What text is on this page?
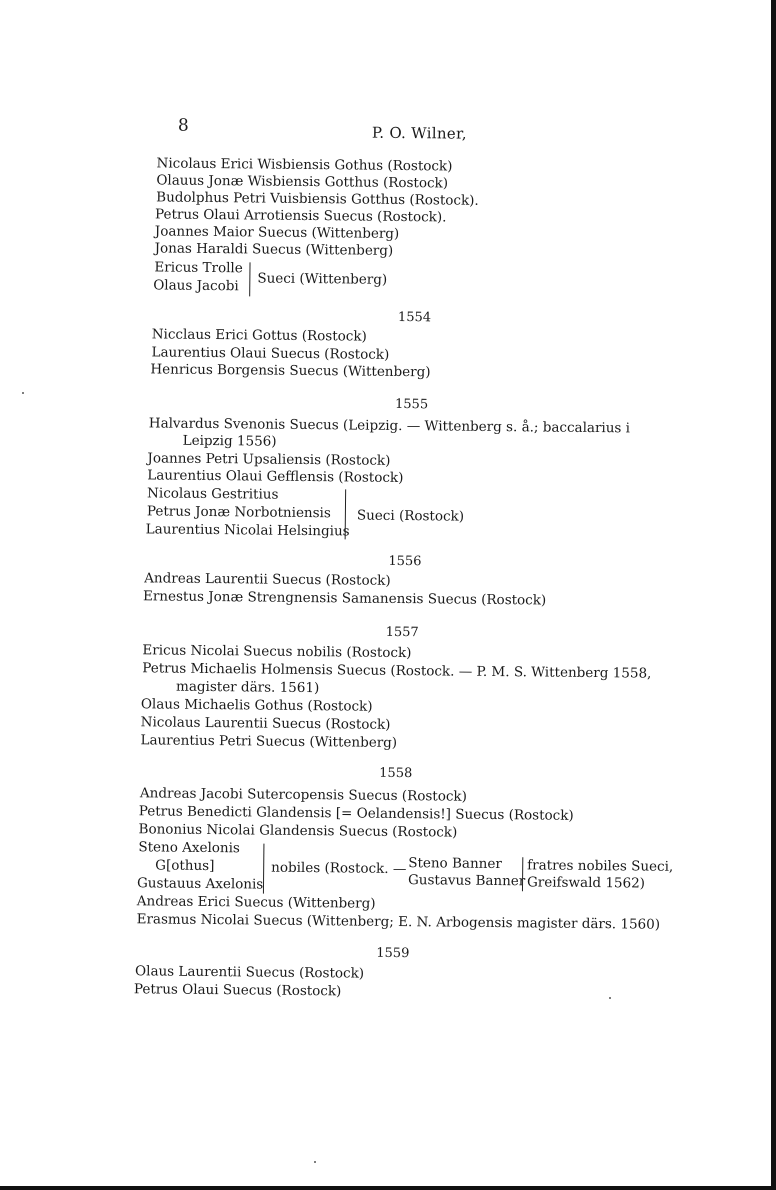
8	P. O. Wilner,
Nicolaus Erici Wisbiensis Gothus (Rostock)
Olauus Jonæ Wisbiensis Gotthus (Rostock)
Budolphus Petri Vuisbiensis Gotthus (Rostock).
Petrus Olaui Arrotiensis Suecus (Rostock).
Joannes Maior Suecus (Wittenberg)
Jonas Haraldi Suecus (Wittenberg)
Ericus Trolle
Olaus Jacobi Sueci (Wittenberg)
1554
Nicclaus Erici Gottus (Rostock)
Laurentius Olaui Suecus (Rostock)
Henricus Borgensis Suecus (Wittenberg)
1555
Halvardus Svenonis Suecus (Leipzig. — Wittenberg s. å.; baccalarius i
Leipzig 1556)
Joannes Petri Upsaliensis (Rostock)
Laurentius Olaui Gefflensis (Rostock)
Nicolaus Gestritius
Petrus Jonæ Norbotniensis
Laurentius Nicolai Helsingius
Sueci (Rostock)
1556
Andreas Laurentii Suecus (Rostock)
Ernestus Jonæ Strengnensis Samanensis Suecus (Rostock)
1557
Ericus Nicolai Suecus nobilis (Rostock)
Petrus Michaelis Holmensis Suecus (Rostock. — P. M. S. Wittenberg 1558,
magister därs. 1561)
Olaus Michaelis Gothus (Rostock)
Nicolaus Laurentii Suecus (Rostock)
Laurentius Petri Suecus (Wittenberg)
1558
Andreas Jacobi Sutercopensis Suecus (Rostock)
Petrus Benedicti Glandensis [= Oelandensis!] Suecus (Rostock)
Bononius Nicolai Glandensis Suecus (Rostock)
Steno Axelonis
G[othus]
Gustauus Axelonis
nobiles (Rostock. — Steno Banner
Gustavus Banner
fratres nobiles Sueci,
Greifswald 1562)
Andreas Erici Suecus (Wittenberg)
Erasmus Nicolai Suecus (Wittenberg; E. N. Arbogensis magister därs. 1560)
1559
Olaus Laurentii Suecus (Rostock)
Petrus Olaui Suecus (Rostock)
